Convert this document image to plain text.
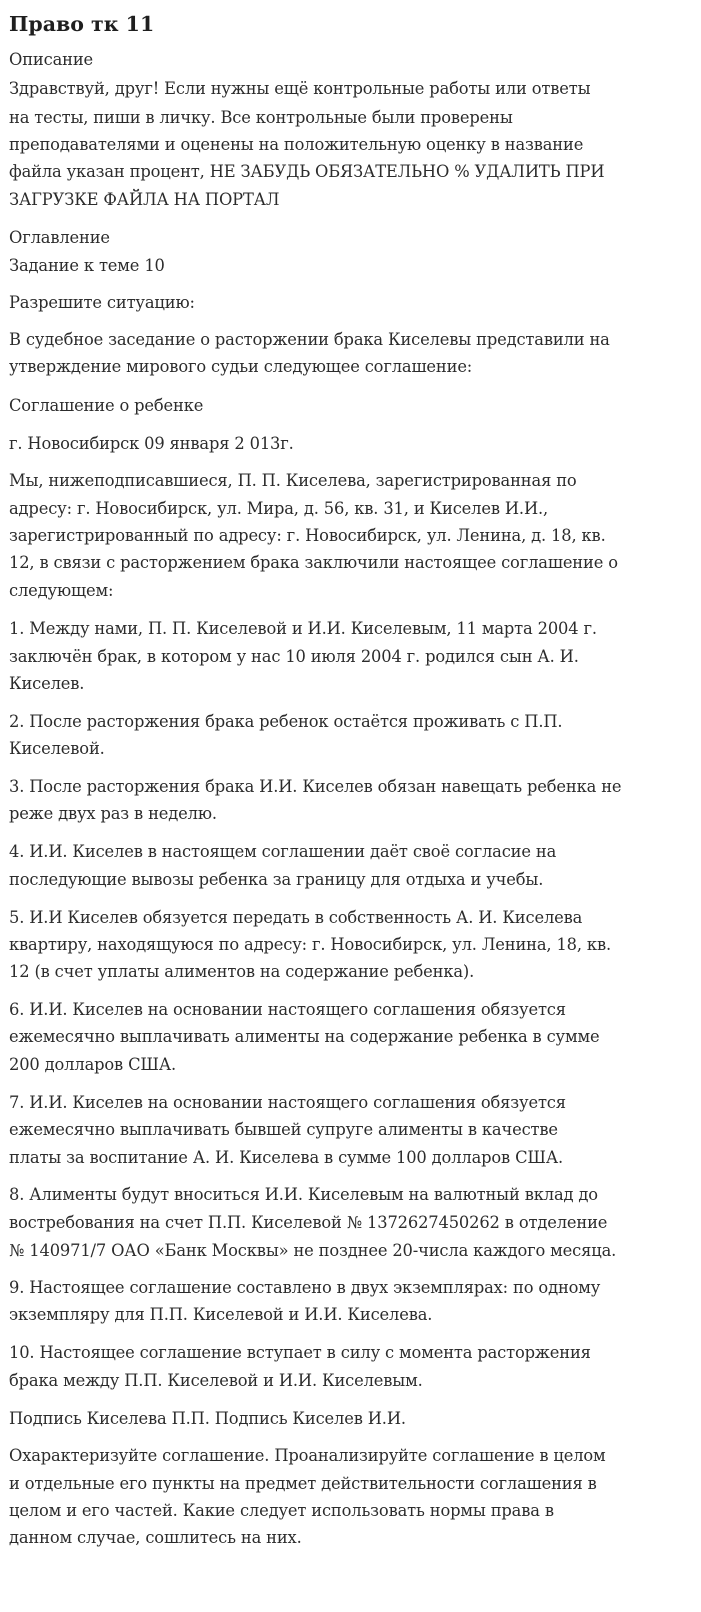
Право тк 11
Описание
Здравствуй, друг! Если нужны ещё контрольные работы или ответы
на тесты, пиши в личку. Все контрольные были проверены
преподавателями и оценены на положительную оценку в название
файла указан процент, НЕ ЗАБУДЬ ОБЯЗАТЕЛЬНО % УДАЛИТЬ ПРИ
ЗАГРУЗКЕ ФАЙЛА НА ПОРТАЛ
Оглавление
Задание к теме 10
Разрешите ситуацию:
В судебное заседание о расторжении брака Киселевы представили на
утверждение мирового судьи следующее соглашение:
Соглашение о ребенке
г. Новосибирск 09 января 2 013г.
Мы, нижеподписавшиеся, П. П. Киселева, зарегистрированная по
адресу: г. Новосибирск, ул. Мира, д. 56, кв. 31, и Киселев И.И.,
зарегистрированный по адресу: г. Новосибирск, ул. Ленина, д. 18, кв.
12, в связи с расторжением брака заключили настоящее соглашение о
следующем:
1. Между нами, П. П. Киселевой и И.И. Киселевым, 11 марта 2004 г.
заключён брак, в котором у нас 10 июля 2004 г. родился сын А. И.
Киселев.
2. После расторжения брака ребенок остаётся проживать с П.П.
Киселевой.
3. После расторжения брака И.И. Киселев обязан навещать ребенка не
реже двух раз в неделю.
4. И.И. Киселев в настоящем соглашении даёт своё согласие на
последующие вывозы ребенка за границу для отдыха и учебы.
5. И.И Киселев обязуется передать в собственность А. И. Киселева
квартиру, находящуюся по адресу: г. Новосибирск, ул. Ленина, 18, кв.
12 (в счет уплаты алиментов на содержание ребенка).
6. И.И. Киселев на основании настоящего соглашения обязуется
ежемесячно выплачивать алименты на содержание ребенка в сумме
200 долларов США.
7. И.И. Киселев на основании настоящего соглашения обязуется
ежемесячно выплачивать бывшей супруге алименты в качестве
платы за воспитание А. И. Киселева в сумме 100 долларов США.
8. Алименты будут вноситься И.И. Киселевым на валютный вклад до
востребования на счет П.П. Киселевой № 1372627450262 в отделение
№ 140971/7 ОАО «Банк Москвы» не позднее 20-числа каждого месяца.
9. Настоящее соглашение составлено в двух экземплярах: по одному
экземпляру для П.П. Киселевой и И.И. Киселева.
10. Настоящее соглашение вступает в силу с момента расторжения
брака между П.П. Киселевой и И.И. Киселевым.
Подпись Киселева П.П. Подпись Киселев И.И.
Охарактеризуйте соглашение. Проанализируйте соглашение в целом
и отдельные его пункты на предмет действительности соглашения в
целом и его частей. Какие следует использовать нормы права в
данном случае, сошлитесь на них.
